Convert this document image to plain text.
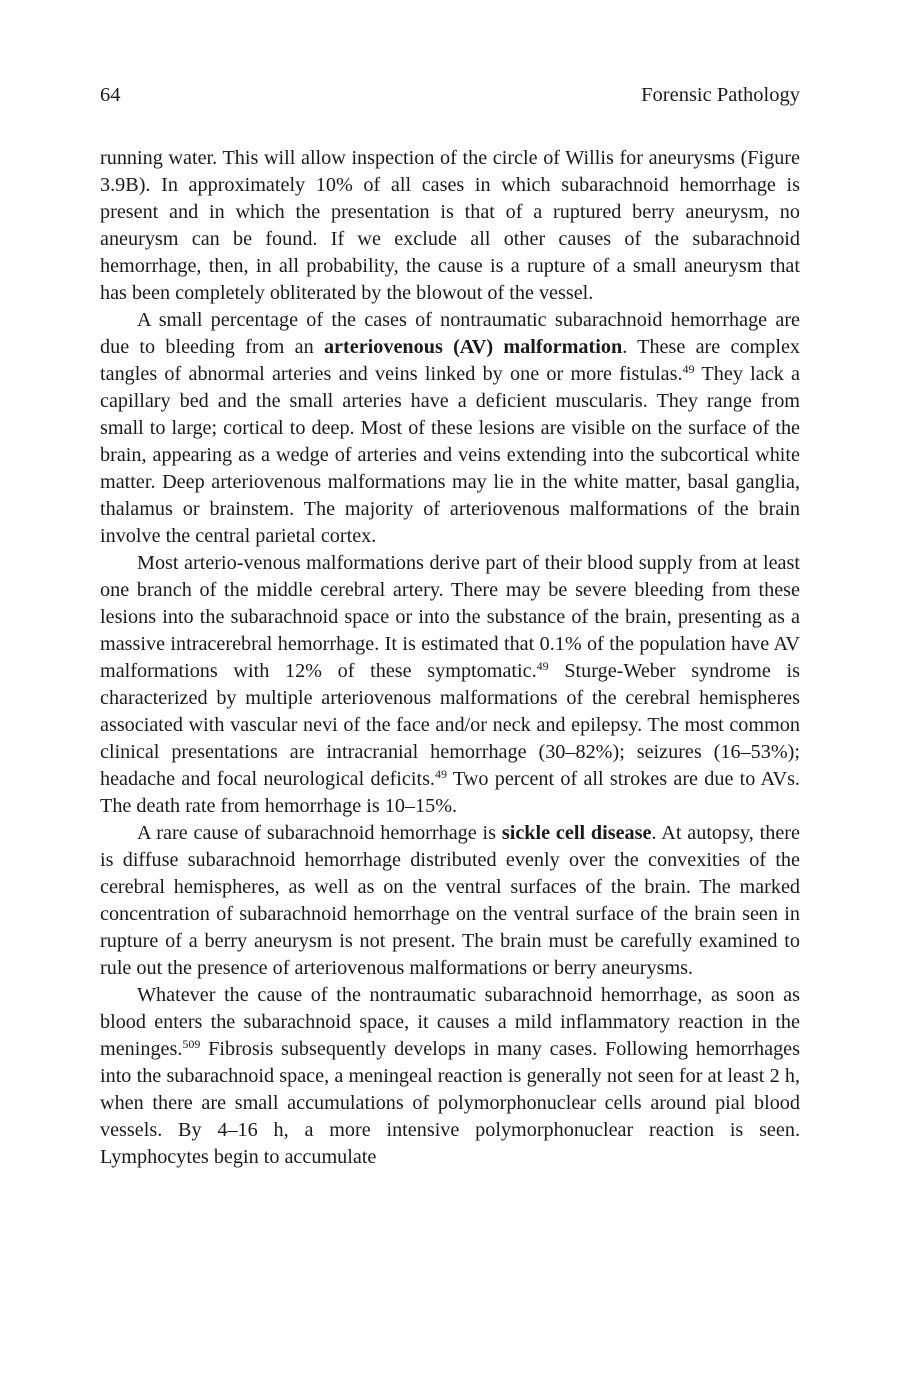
64	Forensic Pathology

running water. This will allow inspection of the circle of Willis for aneurysms (Figure 3.9B). In approximately 10% of all cases in which subarachnoid hemorrhage is present and in which the presentation is that of a ruptured berry aneurysm, no aneurysm can be found. If we exclude all other causes of the subarachnoid hemorrhage, then, in all probability, the cause is a rupture of a small aneurysm that has been completely obliterated by the blowout of the vessel.

A small percentage of the cases of nontraumatic subarachnoid hemorrhage are due to bleeding from an arteriovenous (AV) malformation. These are complex tangles of abnormal arteries and veins linked by one or more fistulas.$^{49}$ They lack a capillary bed and the small arteries have a deficient muscularis. They range from small to large; cortical to deep. Most of these lesions are visible on the surface of the brain, appearing as a wedge of arteries and veins extending into the subcortical white matter. Deep arteriovenous malformations may lie in the white matter, basal ganglia, thalamus or brainstem. The majority of arteriovenous malformations of the brain involve the central parietal cortex.

Most arterio-venous malformations derive part of their blood supply from at least one branch of the middle cerebral artery. There may be severe bleeding from these lesions into the subarachnoid space or into the substance of the brain, presenting as a massive intracerebral hemorrhage. It is estimated that 0.1% of the population have AV malformations with 12% of these symptomatic.$^{49}$ Sturge-Weber syndrome is characterized by multiple arteriovenous malformations of the cerebral hemispheres associated with vascular nevi of the face and/or neck and epilepsy. The most common clinical presentations are intracranial hemorrhage (30–82%); seizures (16–53%); headache and focal neurological deficits.$^{49}$ Two percent of all strokes are due to AVs. The death rate from hemorrhage is 10–15%.

A rare cause of subarachnoid hemorrhage is sickle cell disease. At autopsy, there is diffuse subarachnoid hemorrhage distributed evenly over the convexities of the cerebral hemispheres, as well as on the ventral surfaces of the brain. The marked concentration of subarachnoid hemorrhage on the ventral surface of the brain seen in rupture of a berry aneurysm is not present. The brain must be carefully examined to rule out the presence of arteriovenous malformations or berry aneurysms.

Whatever the cause of the nontraumatic subarachnoid hemorrhage, as soon as blood enters the subarachnoid space, it causes a mild inflammatory reaction in the meninges.$^{509}$ Fibrosis subsequently develops in many cases. Following hemorrhages into the subarachnoid space, a meningeal reaction is generally not seen for at least 2 h, when there are small accumulations of polymorphonuclear cells around pial blood vessels. By 4–16 h, a more intensive polymorphonuclear reaction is seen. Lymphocytes begin to accumulate
